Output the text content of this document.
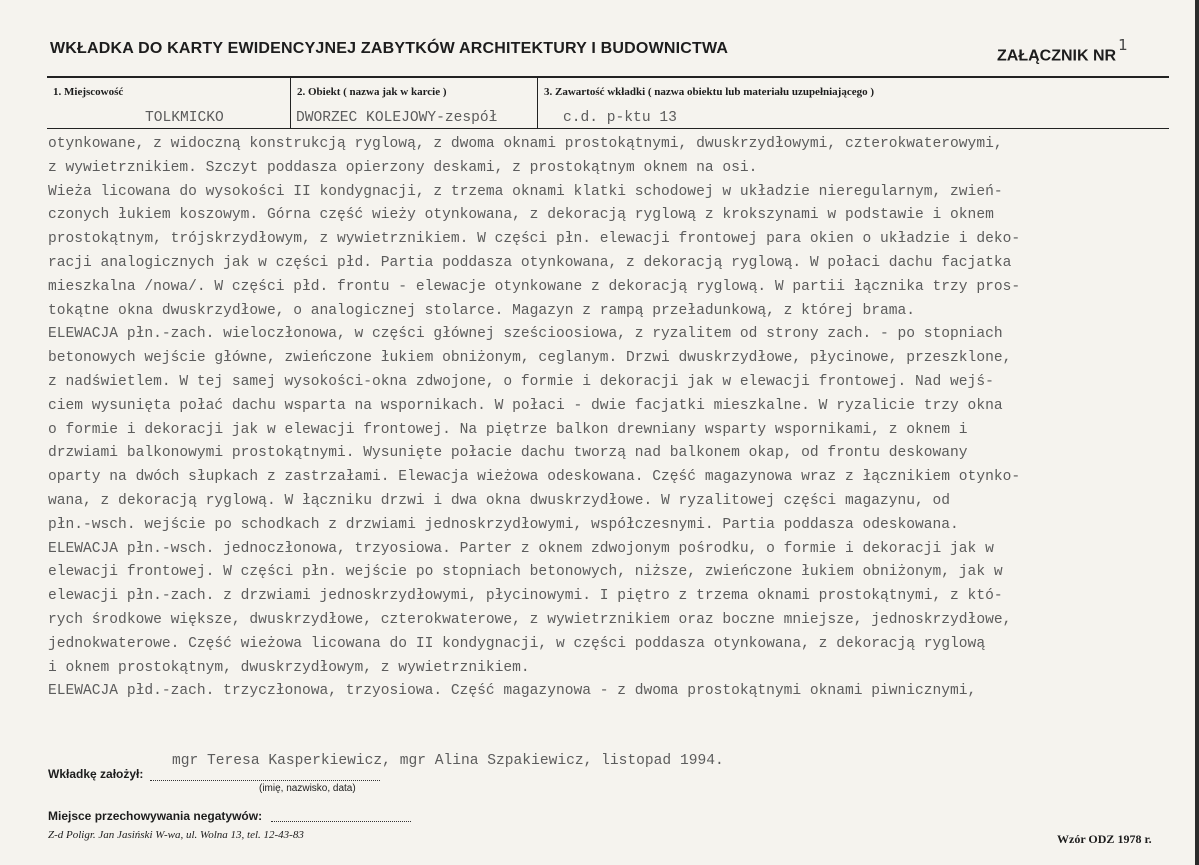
WKŁADKA DO KARTY EWIDENCYJNEJ ZABYTKÓW ARCHITEKTURY I BUDOWNICTWA	ZAŁĄCZNIK $NR^1$
1. Miejscowość	2. Obiekt ( nazwa jak w karcie )	3. Zawartość wkładki ( nazwa obiektu lub materiału uzupełniającego )
TOLKMICKO	DWORZEC KOLEJOWY-zespół	c.d. p-ktu 13
otynkowane, z widoczną konstrukcją ryglową, z dwoma oknami prostokątnymi, dwuskrzydłowymi, czterokwaterowymi,
z wywietrznikiem. Szczyt poddasza opierzony deskami, z prostokątnym oknem na osi.
Wieża licowana do wysokości II kondygnacji, z trzema oknami klatki schodowej w układzie nieregularnym, zwień-
czonych łukiem koszowym. Górna część wieży otynkowana, z dekoracją ryglową z krokszynami w podstawie i oknem
prostokątnym, trójskrzydłowym, z wywietrznikiem. W części płn. elewacji frontowej para okien o układzie i deko-
racji analogicznych jak w części płd. Partia poddasza otynkowana, z dekoracją ryglową. W połaci dachu facjatka
mieszkalna /nowa/. W części płd. frontu - elewacje otynkowane z dekoracją ryglową. W partii łącznika trzy pros-
tokątne okna dwuskrzydłowe, o analogicznej stolarce. Magazyn z rampą przeładunkową, z której brama.
ELEWACJA płn.-zach. wieloczłonowa, w części głównej sześcioosiowa, z ryzalitem od strony zach. - po stopniach
betonowych wejście główne, zwieńczone łukiem obniżonym, ceglanym. Drzwi dwuskrzydłowe, płycinowe, przeszklone,
z nadświetlem. W tej samej wysokości-okna zdwojone, o formie i dekoracji jak w elewacji frontowej. Nad wejś-
ciem wysunięta połać dachu wsparta na wspornikach. W połaci - dwie facjatki mieszkalne. W ryzalicie trzy okna
o formie i dekoracji jak w elewacji frontowej. Na piętrze balkon drewniany wsparty wspornikami, z oknem i
drzwiami balkonowymi prostokątnymi. Wysunięte połacie dachu tworzą nad balkonem okap, od frontu deskowany
oparty na dwóch słupkach z zastrzałami. Elewacja wieżowa odeskowana. Część magazynowa wraz z łącznikiem otynko-
wana, z dekoracją ryglową. W łączniku drzwi i dwa okna dwuskrzydłowe. W ryzalitowej części magazynu, od
płn.-wsch. wejście po schodkach z drzwiami jednoskrzydłowymi, współczesnymi. Partia poddasza odeskowana.
ELEWACJA płn.-wsch. jednoczłonowa, trzyosiowa. Parter z oknem zdwojonym pośrodku, o formie i dekoracji jak w
elewacji frontowej. W części płn. wejście po stopniach betonowych, niższe, zwieńczone łukiem obniżonym, jak w
elewacji płn.-zach. z drzwiami jednoskrzydłowymi, płycinowymi. I piętro z trzema oknami prostokątnymi, z któ-
rych środkowe większe, dwuskrzydłowe, czterokwaterowe, z wywietrznikiem oraz boczne mniejsze, jednoskrzydłowe,
jednokwaterowe. Część wieżowa licowana do II kondygnacji, w części poddasza otynkowana, z dekoracją ryglową
i oknem prostokątnym, dwuskrzydłowym, z wywietrznikiem.
ELEWACJA płd.-zach. trzyczłonowa, trzyosiowa. Część magazynowa - z dwoma prostokątnymi oknami piwnicznymi,
Wkładkę założył:
mgr Teresa Kasperkiewicz, mgr Alina Szpakiewicz, listopad 1994.
(imię, nazwisko, data)
Miejsce przechowywania negatywów:
Z-d Poligr. Jan Jasiński W-wa, ul. Wolna 13, tel. 12-43-83	Wzór ODZ 1978 r.
